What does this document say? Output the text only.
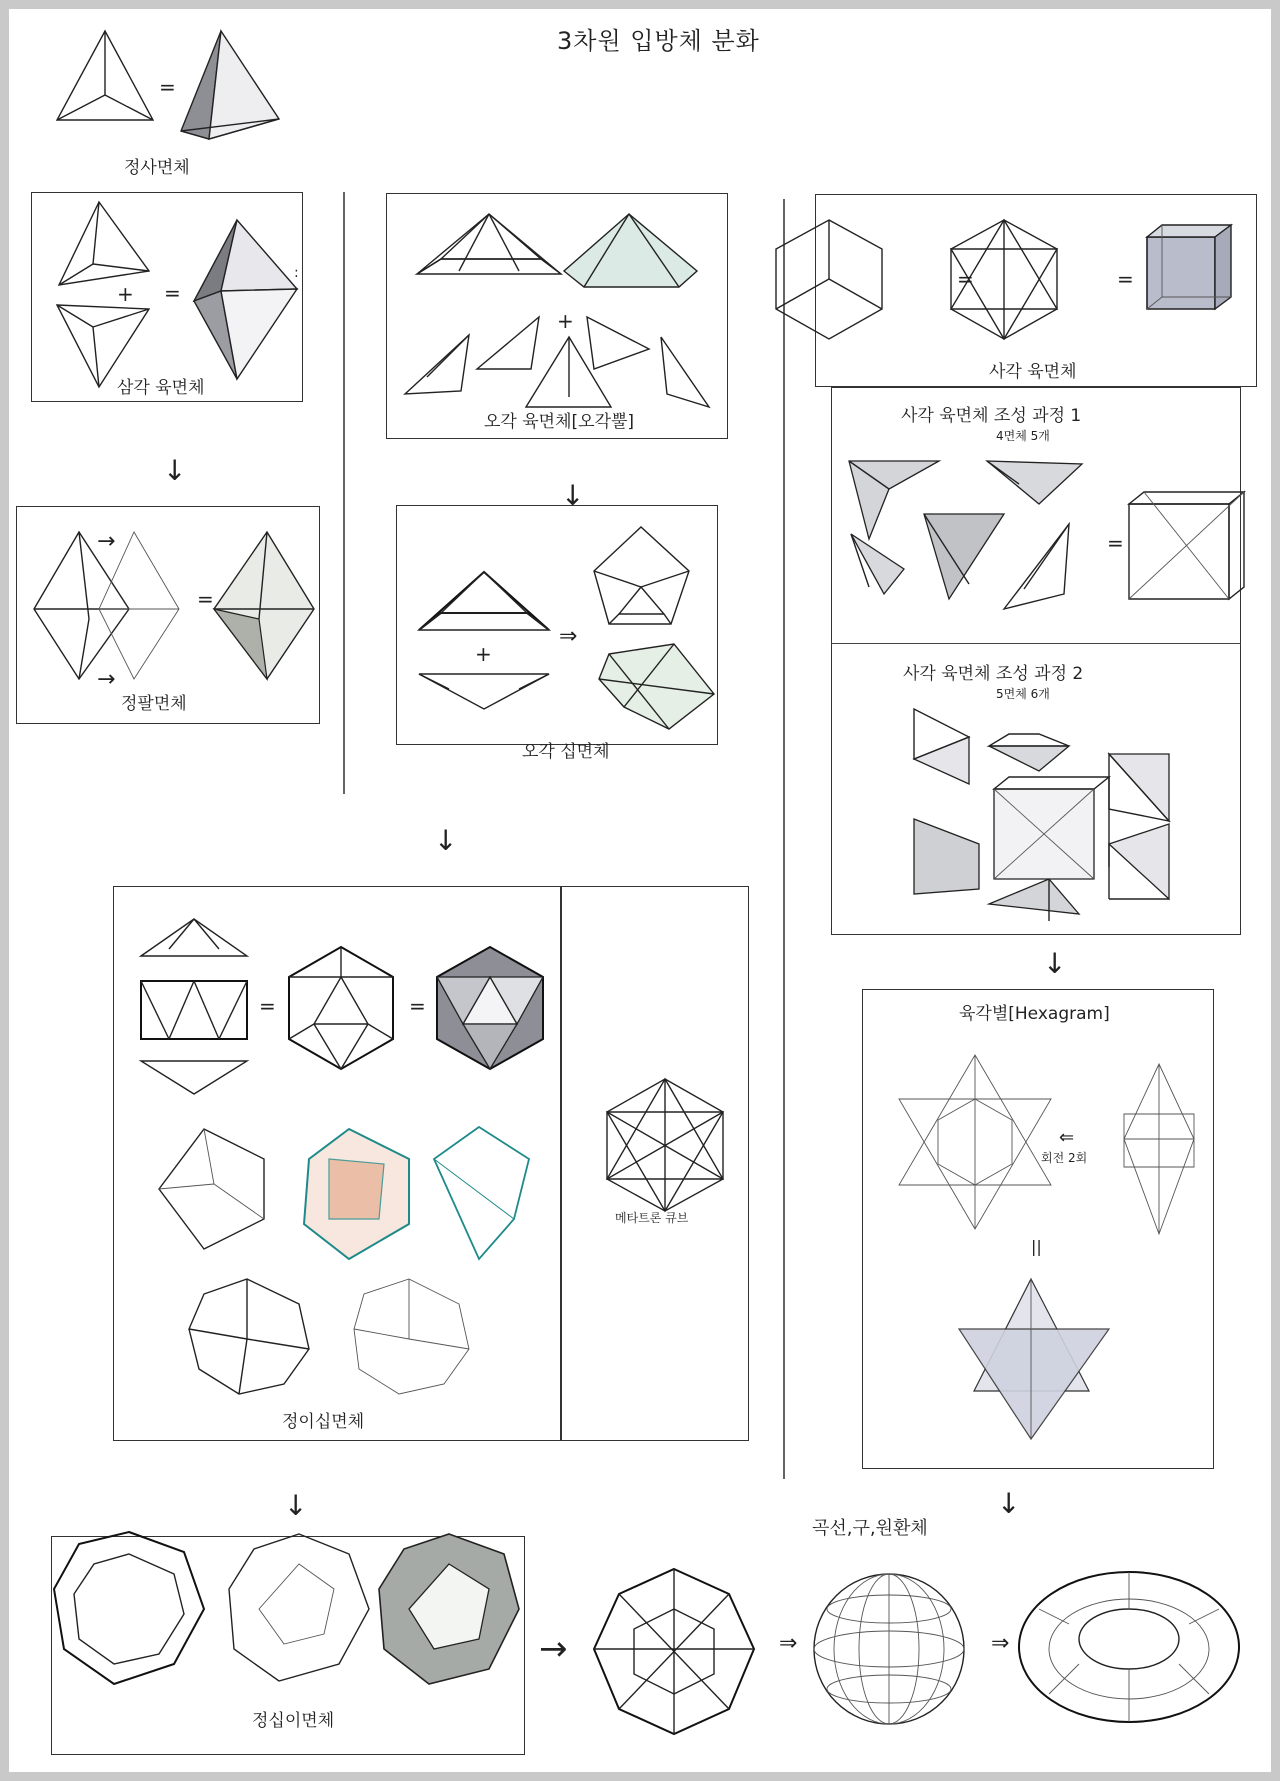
3차원 입방체 분화
정사면체
삼각 육면체
정팔면체
오각 육면체[오각뿔]
오각 십면체
사각 육면체
사각 육면체 조성 과정 1
4면체 5개
사각 육면체 조성 과정 2
5면체 6개
육각별[Hexagram]
회전 2회
정이십면체
메타트론 큐브
정십이면체
곡선,구,원환체
=
+ =
:
↓
→
→
=
+
↓
+
⇒
=	=
=
↓
⇐
||
↓
=	=
↓	↓
→	⇒	⇒
